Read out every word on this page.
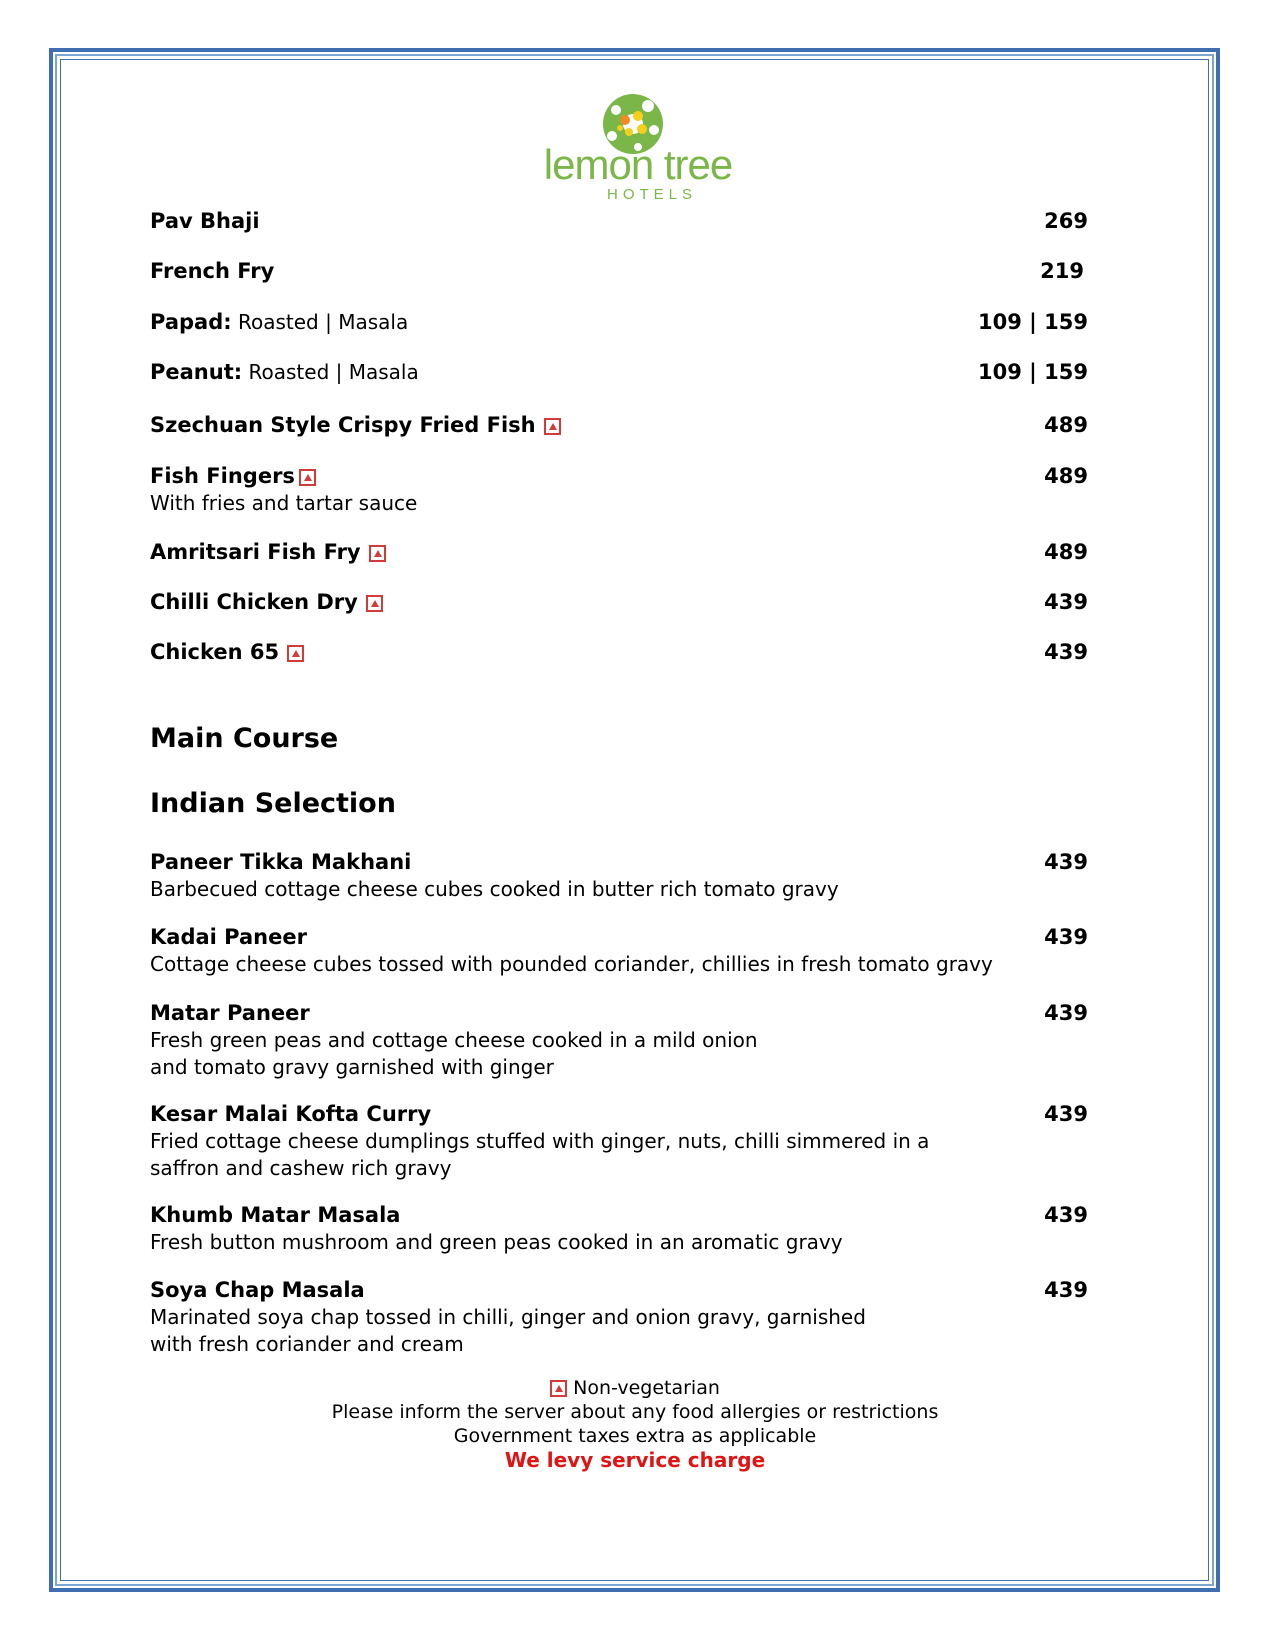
lemon tree
HOTELS
Pav Bhaji	269
French Fry	219
Papad: Roasted | Masala	109 | 159
Peanut: Roasted | Masala	109 | 159
Szechuan Style Crispy Fried Fish	489
Fish Fingers	489
With fries and tartar sauce
Amritsari Fish Fry	489
Chilli Chicken Dry	439
Chicken 65	439
Main Course
Indian Selection
Paneer Tikka Makhani	439
Barbecued cottage cheese cubes cooked in butter rich tomato gravy
Kadai Paneer	439
Cottage cheese cubes tossed with pounded coriander, chillies in fresh tomato gravy
Matar Paneer	439
Fresh green peas and cottage cheese cooked in a mild onion
and tomato gravy garnished with ginger
Kesar Malai Kofta Curry	439
Fried cottage cheese dumplings stuffed with ginger, nuts, chilli simmered in a
saffron and cashew rich gravy
Khumb Matar Masala	439
Fresh button mushroom and green peas cooked in an aromatic gravy
Soya Chap Masala	439
Marinated soya chap tossed in chilli, ginger and onion gravy, garnished
with fresh coriander and cream
Non-vegetarian
Please inform the server about any food allergies or restrictions
Government taxes extra as applicable
We levy service charge
